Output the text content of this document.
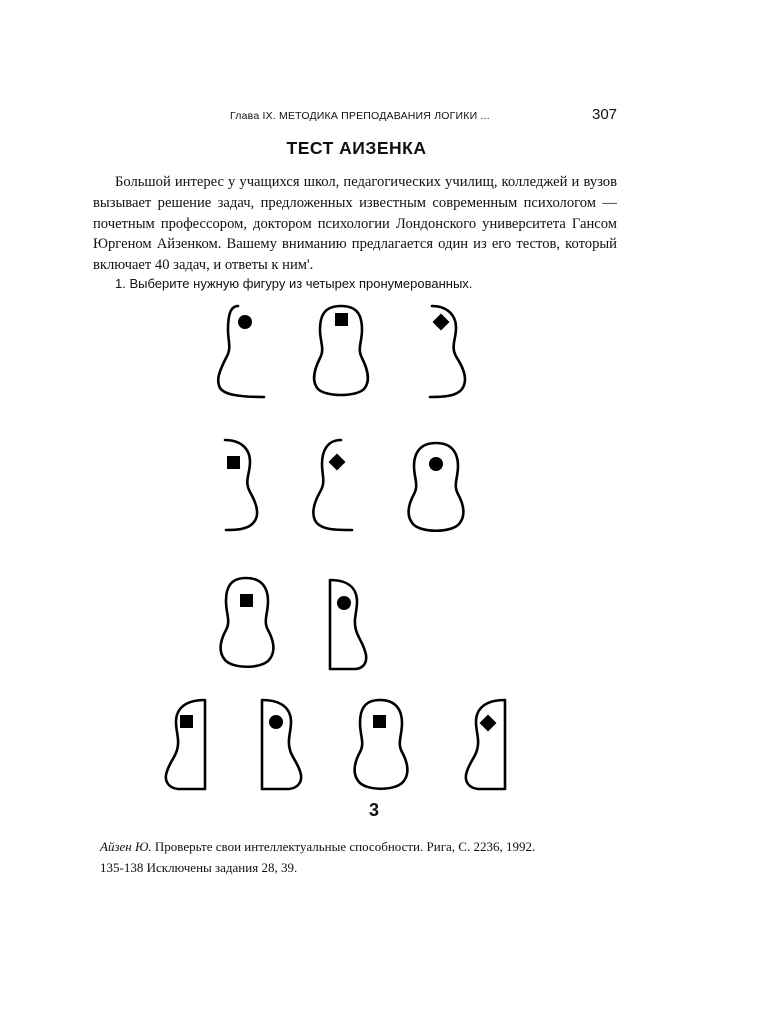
Глава IX. МЕТОДИКА ПРЕПОДАВАНИЯ ЛОГИКИ ...	307
ТЕСТ АИЗЕНКА

Большой интерес у учащихся школ, педагогических училищ, колледжей и вузов вызывает решение задач, предложенных известным современным психологом — почетным профессором, доктором психологии Лондонского университета Гансом Юргеном Айзенком. Вашему вниманию предлагается один из его тестов, который включает 40 задач, и ответы к ним'.

1. Выберите нужную фигуру из четырех пронумерованных.
3
Айзен Ю. Проверьте свои интеллектуальные способности. Рига, С. 2236, 1992.
135-138 Исключены задания 28, 39.
